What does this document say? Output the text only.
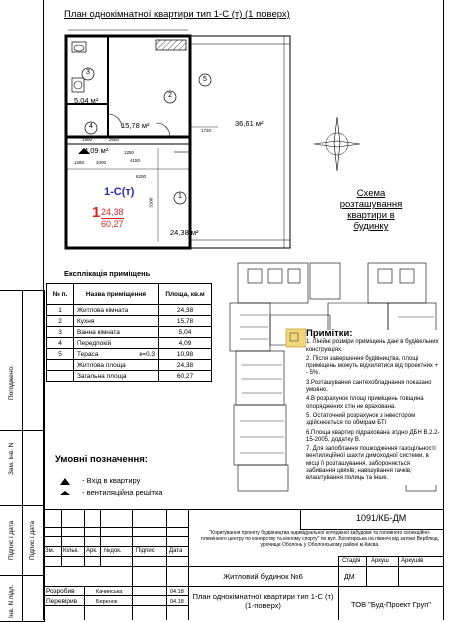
Погоджено:
Зам. інв. N
Підпис і дата
Інв. N підл.
Підпис і дата
План однокімнатної квартири тип 1-С (т) (1 поверх)
2
3
4
1
5
5,04 м²
15,78 м²
4,09 м²
36,61 м²
24,38 м²
1900	2650
4150
1260	1000
1250
1720
6200
3100
1-С(т)
1 24,38
60,27
Схема
розташування
квартири в
будинку
Примітки:

1. Лінійні розміри приміщень дані в будівельних конструкціях.

2. Після завершення будівництва, площі приміщень можуть відхилятися від проектних + - 5%.

3.Розташування сантехобладнання показано умовно.

4.В розрахунок площі приміщень товщина опоряджених стін не врахована.

5. Остаточний розрахунок з інвестором здійснюється по обмірам БТІ

6.Площа квартир підрахована згідно ДБН В.2.2-15-2005, додатку В.

7. Для запобігання пошкодження газоцільності вентиляційної шахти димоходної системи, в місці її розташування, забороняється забивання цвяхів, навішування гачків, влаштування полиць та інше.

Експлікація приміщень
№ п.	Назва приміщення		Площа, кв.м
1	Житлова кімната		24,38
2	Кухня		15,78
3	Ванна кімната		5,04
4	Передпокій		4,09
5	Тераса	к=0.3	10,98
	Житлова площа		24,38
	Загальна площа		60,27
Умовні позначення:
- Вхід в квартиру
- вентиляційна решітка
1091/КБ-ДМ
"Коригування проекту будівництва індивідуальної котеджної забудови та головного селекційно-племінного центру по конярству та кінному спорту" по вул. Богатирська на півночі від затоки Верблюд, урочище Оболонь у Оболонському районі м.Києва.
Зм. Кільк. Арк. №док. Підпис Дата
Розробив	Качинська	04.18
Перевірив	Беренок	04.18
Житловий будинок №6
Стадія Аркуш Аркушів
ДМ
План однокімнатної квартири тип 1-С (т) (1-поверх)	ТОВ "Буд-Проект Груп"
